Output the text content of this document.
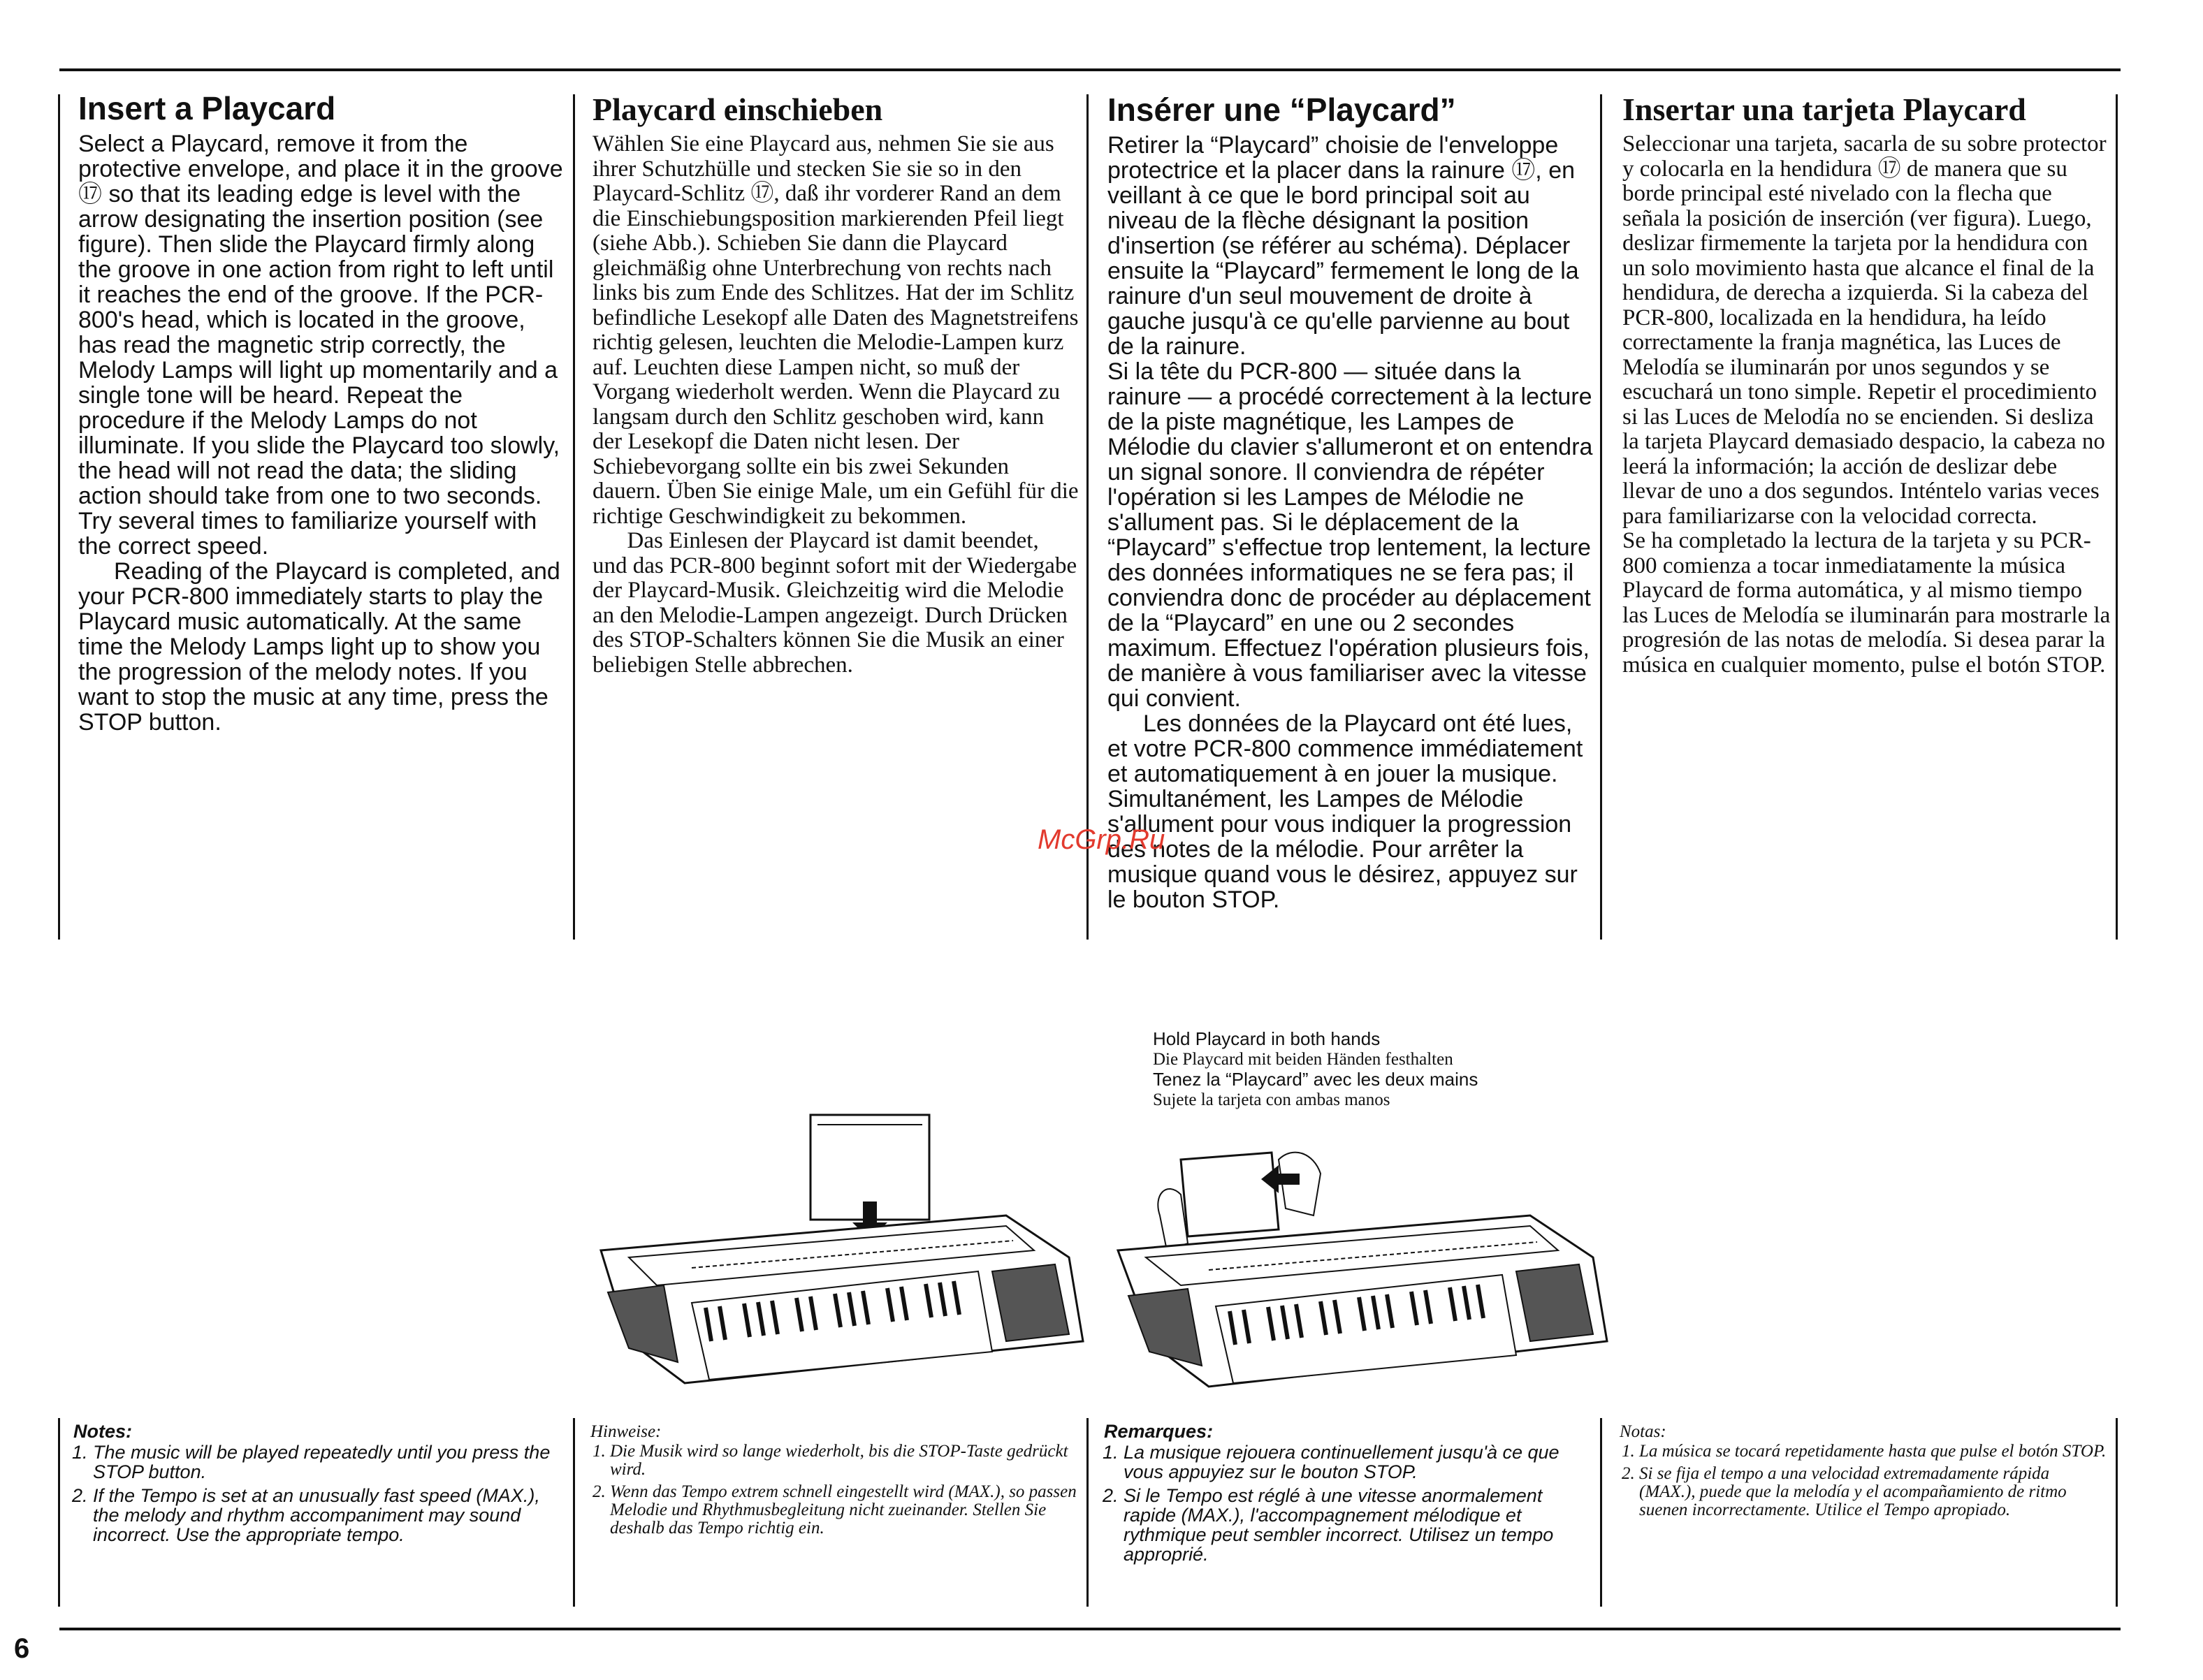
Insert a Playcard

Select a Playcard, remove it from the protective envelope, and place it in the groove ⑰ so that its leading edge is level with the arrow designating the insertion position (see figure). Then slide the Playcard firmly along the groove in one action from right to left until it reaches the end of the groove. If the PCR-800's head, which is located in the groove, has read the magnetic strip correctly, the Melody Lamps will light up momentarily and a single tone will be heard. Repeat the procedure if the Melody Lamps do not illuminate. If you slide the Playcard too slowly, the head will not read the data; the sliding action should take from one to two seconds. Try several times to familiarize yourself with the correct speed.

Reading of the Playcard is completed, and your PCR-800 immediately starts to play the Playcard music automatically. At the same time the Melody Lamps light up to show you the progression of the melody notes. If you want to stop the music at any time, press the STOP button.

Playcard einschieben

Wählen Sie eine Playcard aus, nehmen Sie sie aus ihrer Schutzhülle und stecken Sie sie so in den Playcard-Schlitz ⑰, daß ihr vorderer Rand an dem die Einschiebungsposition markierenden Pfeil liegt (siehe Abb.). Schieben Sie dann die Playcard gleichmäßig ohne Unterbrechung von rechts nach links bis zum Ende des Schlitzes. Hat der im Schlitz befindliche Lesekopf alle Daten des Magnetstreifens richtig gelesen, leuchten die Melodie-Lampen kurz auf. Leuchten diese Lampen nicht, so muß der Vorgang wiederholt werden. Wenn die Playcard zu langsam durch den Schlitz geschoben wird, kann der Lesekopf die Daten nicht lesen. Der Schiebevorgang sollte ein bis zwei Sekunden dauern. Üben Sie einige Male, um ein Gefühl für die richtige Geschwindigkeit zu bekommen.

Das Einlesen der Playcard ist damit beendet, und das PCR-800 beginnt sofort mit der Wiedergabe der Playcard-Musik. Gleichzeitig wird die Melodie an den Melodie-Lampen angezeigt. Durch Drücken des STOP-Schalters können Sie die Musik an einer beliebigen Stelle abbrechen.

Insérer une “Playcard”

Retirer la “Playcard” choisie de l'enveloppe protectrice et la placer dans la rainure ⑰, en veillant à ce que le bord principal soit au niveau de la flèche désignant la position d'insertion (se référer au schéma). Déplacer ensuite la “Playcard” fermement le long de la rainure d'un seul mouvement de droite à gauche jusqu'à ce qu'elle parvienne au bout de la rainure.

Si la tête du PCR-800 — située dans la rainure — a procédé correctement à la lecture de la piste magnétique, les Lampes de Mélodie du clavier s'allumeront et on entendra un signal sonore. Il conviendra de répéter l'opération si les Lampes de Mélodie ne s'allument pas. Si le déplacement de la “Playcard” s'effectue trop lentement, la lecture des données informatiques ne se fera pas; il conviendra donc de procéder au déplacement de la “Playcard” en une ou 2 secondes maximum. Effectuez l'opération plusieurs fois, de manière à vous familiariser avec la vitesse qui convient.

Les données de la Playcard ont été lues, et votre PCR-800 commence immédiatement et automatiquement à en jouer la musique. Simultanément, les Lampes de Mélodie s'allument pour vous indiquer la progression des notes de la mélodie. Pour arrêter la musique quand vous le désirez, appuyez sur le bouton STOP.

Insertar una tarjeta Playcard

Seleccionar una tarjeta, sacarla de su sobre protector y colocarla en la hendidura ⑰ de manera que su borde principal esté nivelado con la flecha que señala la posición de inserción (ver figura). Luego, deslizar firmemente la tarjeta por la hendidura con un solo movimiento hasta que alcance el final de la hendidura, de derecha a izquierda. Si la cabeza del PCR-800, localizada en la hendidura, ha leído correctamente la franja magnética, las Luces de Melodía se iluminarán por unos segundos y se escuchará un tono simple. Repetir el procedimiento si las Luces de Melodía no se encienden. Si desliza la tarjeta Playcard demasiado despacio, la cabeza no leerá la información; la acción de deslizar debe llevar de uno a dos segundos. Inténtelo varias veces para familiarizarse con la velocidad correcta.

Se ha completado la lectura de la tarjeta y su PCR-800 comienza a tocar inmediatamente la música Playcard de forma automática, y al mismo tiempo las Luces de Melodía se iluminarán para mostrarle la progresión de las notas de melodía. Si desea parar la música en cualquier momento, pulse el botón STOP.

McGrp.Ru
Hold Playcard in both hands
Die Playcard mit beiden Händen festhalten
Tenez la “Playcard” avec les deux mains
Sujete la tarjeta con ambas manos
Notes:
1. The music will be played repeatedly until you press the STOP button.
2. If the Tempo is set at an unusually fast speed (MAX.), the melody and rhythm accompaniment may sound incorrect. Use the appropriate tempo.
Hinweise:
1. Die Musik wird so lange wiederholt, bis die STOP-Taste gedrückt wird.
2. Wenn das Tempo extrem schnell eingestellt wird (MAX.), so passen Melodie und Rhythmusbegleitung nicht zueinander. Stellen Sie deshalb das Tempo richtig ein.
Remarques:
1. La musique rejouera continuellement jusqu'à ce que vous appuyiez sur le bouton STOP.
2. Si le Tempo est réglé à une vitesse anormalement rapide (MAX.), l'accompagnement mélodique et rythmique peut sembler incorrect. Utilisez un tempo approprié.
Notas:
1. La música se tocará repetidamente hasta que pulse el botón STOP.
2. Si se fija el tempo a una velocidad extremadamente rápida (MAX.), puede que la melodía y el acompañamiento de ritmo suenen incorrectamente. Utilice el Tempo apropiado.
6
